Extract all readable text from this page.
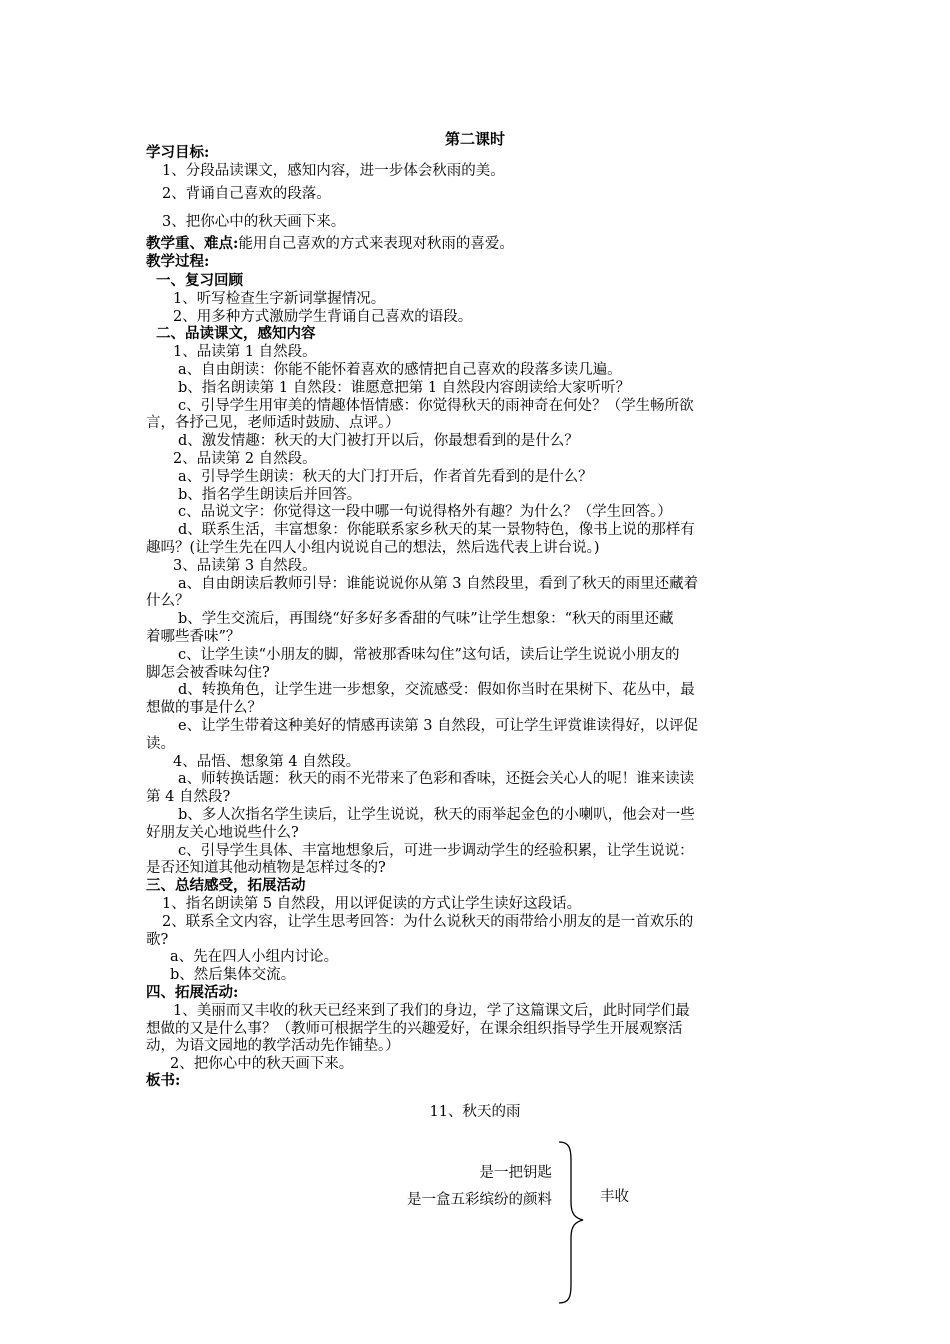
第二课时
学习目标:
1、分段品读课文，感知内容，进一步体会秋雨的美。
2、背诵自己喜欢的段落。
3、把你心中的秋天画下来。
教学重、难点:能用自己喜欢的方式来表现对秋雨的喜爱。
教学过程:
一、复习回顾
1、听写检查生字新词掌握情况。
2、用多种方式激励学生背诵自己喜欢的语段。
二、品读课文，感知内容
1、品读第 1 自然段。
a、自由朗读：你能不能怀着喜欢的感情把自己喜欢的段落多读几遍。
b、指名朗读第 1 自然段：谁愿意把第 1 自然段内容朗读给大家听听？
c、引导学生用审美的情趣体悟情感：你觉得秋天的雨神奇在何处？（学生畅所欲
言，各抒己见，老师适时鼓励、点评。）
d、激发情趣：秋天的大门被打开以后，你最想看到的是什么？
2、品读第 2 自然段。
a、引导学生朗读：秋天的大门打开后，作者首先看到的是什么？
b、指名学生朗读后并回答。
c、品说文字：你觉得这一段中哪一句说得格外有趣？为什么？（学生回答。）
d、联系生活，丰富想象：你能联系家乡秋天的某一景物特色，像书上说的那样有
趣吗？(让学生先在四人小组内说说自己的想法，然后选代表上讲台说。)
3、品读第 3 自然段。
a、自由朗读后教师引导：谁能说说你从第 3 自然段里，看到了秋天的雨里还藏着
什么？
b、学生交流后，再围绕“好多好多香甜的气味”让学生想象：“秋天的雨里还藏
着哪些香味”？
c、让学生读“小朋友的脚，常被那香味勾住”这句话，读后让学生说说小朋友的
脚怎会被香味勾住?
d、转换角色，让学生进一步想象，交流感受：假如你当时在果树下、花丛中，最
想做的事是什么？
e、让学生带着这种美好的情感再读第 3 自然段，可让学生评赏谁读得好，以评促
读。
4、品悟、想象第 4 自然段。
a、师转换话题：秋天的雨不光带来了色彩和香味，还挺会关心人的呢！谁来读读
第 4 自然段?
b、多人次指名学生读后，让学生说说，秋天的雨举起金色的小喇叭，他会对一些
好朋友关心地说些什么?
c、引导学生具体、丰富地想象后，可进一步调动学生的经验积累，让学生说说：
是否还知道其他动植物是怎样过冬的?
三、总结感受，拓展活动
1、指名朗读第 5 自然段，用以评促读的方式让学生读好这段话。
2、联系全文内容，让学生思考回答：为什么说秋天的雨带给小朋友的是一首欢乐的
歌?
a、先在四人小组内讨论。
b、然后集体交流。
四、拓展活动:
1、美丽而又丰收的秋天已经来到了我们的身边，学了这篇课文后，此时同学们最
想做的又是什么事？（教师可根据学生的兴趣爱好，在课余组织指导学生开展观察活
动，为语文园地的教学活动先作铺垫。）
2、把你心中的秋天画下来。
板书:
11、秋天的雨
是一把钥匙
是一盒五彩缤纷的颜料	丰收
